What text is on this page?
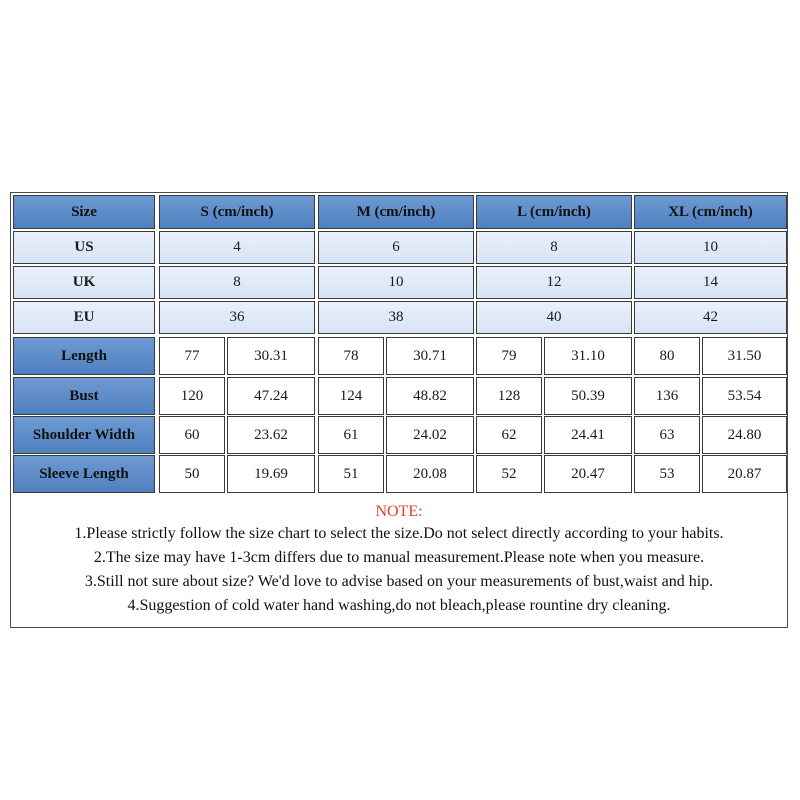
Size	S (cm/inch)	M (cm/inch)	L (cm/inch)	XL (cm/inch)
US	4	6	8	10
UK	8	10	12	14
EU	36	38	40	42
Length	77	30.31	78	30.71	79	31.10	80	31.50
Bust	120	47.24	124	48.82	128	50.39	136	53.54
Shoulder Width	60	23.62	61	24.02	62	24.41	63	24.80
Sleeve Length	50	19.69	51	20.08	52	20.47	53	20.87
NOTE:
1.Please strictly follow the size chart to select the size.Do not select directly according to your habits.
2.The size may have 1-3cm differs due to manual measurement.Please note when you measure.
3.Still not sure about size? We'd love to advise based on your measurements of bust,waist and hip.
4.Suggestion of cold water hand washing,do not bleach,please rountine dry cleaning.
